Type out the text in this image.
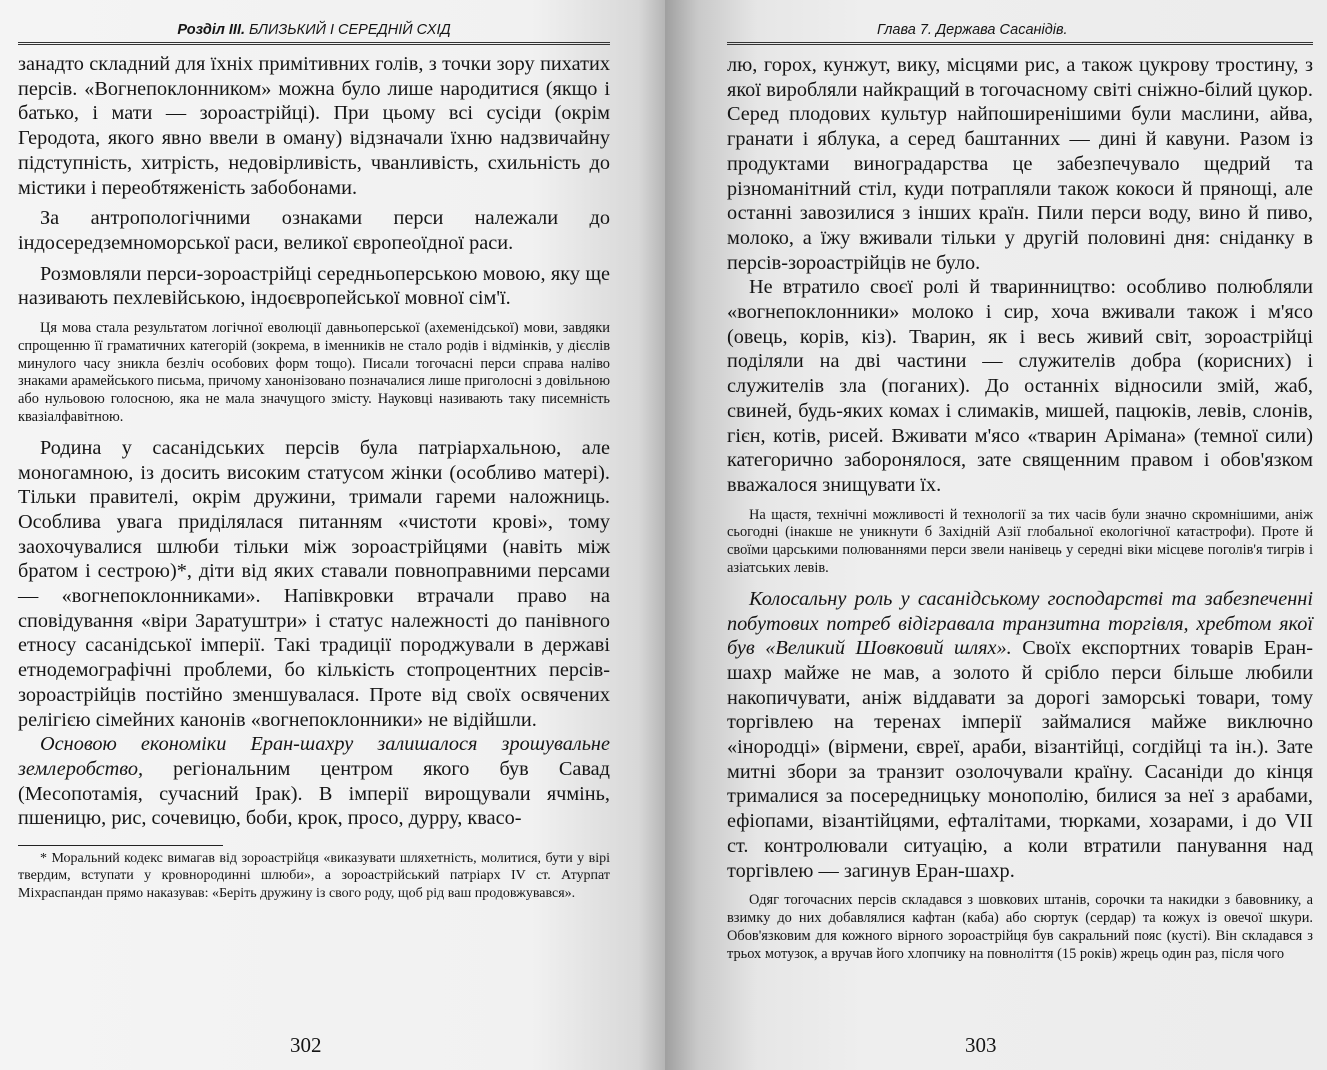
Розділ III. БЛИЗЬКИЙ І СЕРЕДНІЙ СХІД

занадто складний для їхніх примітивних голів, з точки зору пихатих персів. «Вогнепоклонником» можна було лише народитися (якщо і батько, і мати — зороастрійці). При цьому всі сусіди (окрім Геродота, якого явно ввели в оману) відзначали їхню надзвичайну підступність, хитрість, недовірливість, чванливість, схильність до містики і переобтяженість забобонами.

За антропологічними ознаками перси належали до індосередземноморської раси, великої європеоїдної раси.

Розмовляли перси-зороастрійці середньоперською мовою, яку ще називають пехлевійською, індоєвропейської мовної сім'ї.

Ця мова стала результатом логічної еволюції давньоперської (ахеменідської) мови, завдяки спрощенню її граматичних категорій (зокрема, в іменників не стало родів і відмінків, у дієслів минулого часу зникла безліч особових форм тощо). Писали тогочасні перси справа наліво знаками арамейського письма, причому ханонізовано позначалися лише приголосні з довільною або нульовою голосною, яка не мала значущого змісту. Науковці називають таку писемність квазіалфавітною.

Родина у сасанідських персів була патріархальною, але моногамною, із досить високим статусом жінки (особливо матері). Тільки правителі, окрім дружини, тримали гареми наложниць. Особлива увага приділялася питанням «чистоти крові», тому заохочувалися шлюби тільки між зороастрійцями (навіть між братом і сестрою)*, діти від яких ставали повноправними персами — «вогнепоклонниками». Напівкровки втрачали право на сповідування «віри Заратуштри» і статус належності до панівного етносу сасанідської імперії. Такі традиції породжували в державі етнодемографічні проблеми, бо кількість стопроцентних персів-зороастрійців постійно зменшувалася. Проте від своїх освячених релігією сімейних канонів «вогнепоклонники» не відійшли.

Основою економіки Еран-шахру залишалося зрошувальне землеробство, регіональним центром якого був Савад (Месопотамія, сучасний Ірак). В імперії вирощували ячмінь, пшеницю, рис, сочевицю, боби, крок, просо, дурру, квасо-

* Моральний кодекс вимагав від зороастрійця «виказувати шляхетність, молитися, бути у вірі твердим, вступати у кровнородинні шлюби», а зороастрійський патріарх IV ст. Атурпат Міхраспандан прямо наказував: «Беріть дружину із свого роду, щоб рід ваш продовжувався».

302
Глава 7. Держава Сасанідів.

лю, горох, кунжут, вику, місцями рис, а також цукрову тростину, з якої виробляли найкращий в тогочасному світі сніжно-білий цукор. Серед плодових культур найпоширенішими були маслини, айва, гранати і яблука, а серед баштанних — дині й кавуни. Разом із продуктами виноградарства це забезпечувало щедрий та різноманітний стіл, куди потрапляли також кокоси й прянощі, але останні завозилися з інших країн. Пили перси воду, вино й пиво, молоко, а їжу вживали тільки у другій половині дня: сніданку в персів-зороастрійців не було.

Не втратило своєї ролі й тваринництво: особливо полюбляли «вогнепоклонники» молоко і сир, хоча вживали також і м'ясо (овець, корів, кіз). Тварин, як і весь живий світ, зороастрійці поділяли на дві частини — служителів добра (корисних) і служителів зла (поганих). До останніх відносили змій, жаб, свиней, будь-яких комах і слимаків, мишей, пацюків, левів, слонів, гієн, котів, рисей. Вживати м'ясо «тварин Арімана» (темної сили) категорично заборонялося, зате священним правом і обов'язком вважалося знищувати їх.

На щастя, технічні можливості й технології за тих часів були значно скромнішими, аніж сьогодні (інакше не уникнути б Західній Азії глобальної екологічної катастрофи). Проте й своїми царськими полюваннями перси звели нанівець у середні віки місцеве поголів'я тигрів і азіатських левів.

Колосальну роль у сасанідському господарстві та забезпеченні побутових потреб відігравала транзитна торгівля, хребтом якої був «Великий Шовковий шлях». Своїх експортних товарів Еран-шахр майже не мав, а золото й срібло перси більше любили накопичувати, аніж віддавати за дорогі заморські товари, тому торгівлею на теренах імперії займалися майже виключно «інородці» (вірмени, євреї, араби, візантійці, согдійці та ін.). Зате митні збори за транзит озолочували країну. Сасаніди до кінця трималися за посередницьку монополію, билися за неї з арабами, ефіопами, візантійцями, ефталітами, тюрками, хозарами, і до VII ст. контролювали ситуацію, а коли втратили панування над торгівлею — загинув Еран-шахр.

Одяг тогочасних персів складався з шовкових штанів, сорочки та накидки з бавовнику, а взимку до них добавлялися кафтан (каба) або сюртук (сердар) та кожух із овечої шкури. Обов'язковим для кожного вірного зороастрійця був сакральний пояс (кусті). Він складався з трьох мотузок, а вручав його хлопчику на повноліття (15 років) жрець один раз, після чого

303
